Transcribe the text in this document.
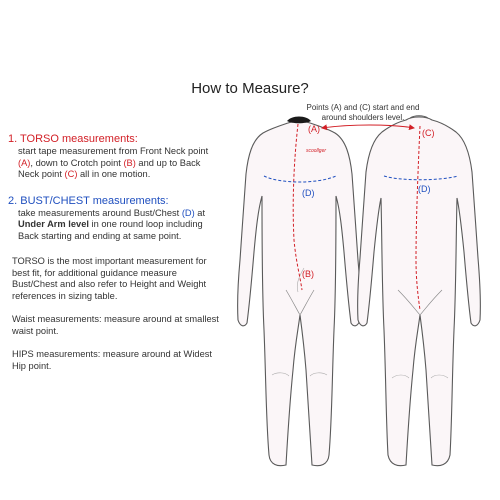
How to Measure?
Points (A) and (C) start and end
around shoulders level.
1. TORSO measurements:
start tape measurement from Front Neck point (A), down to Crotch point (B) and up to Back Neck point (C) all in one motion.
2. BUST/CHEST measurements:
take measurements around Bust/Chest (D) at Under Arm level in one round loop including Back starting and ending at same point.
TORSO is the most important measurement for best fit, for additional guidance measure Bust/Chest and also refer to Height and Weight references in sizing table.
Waist measurements: measure around at smallest waist point.
HIPS measurements: measure around at Widest Hip point.
(A)
(B)
(D)
scoollger
(C)
(D)
